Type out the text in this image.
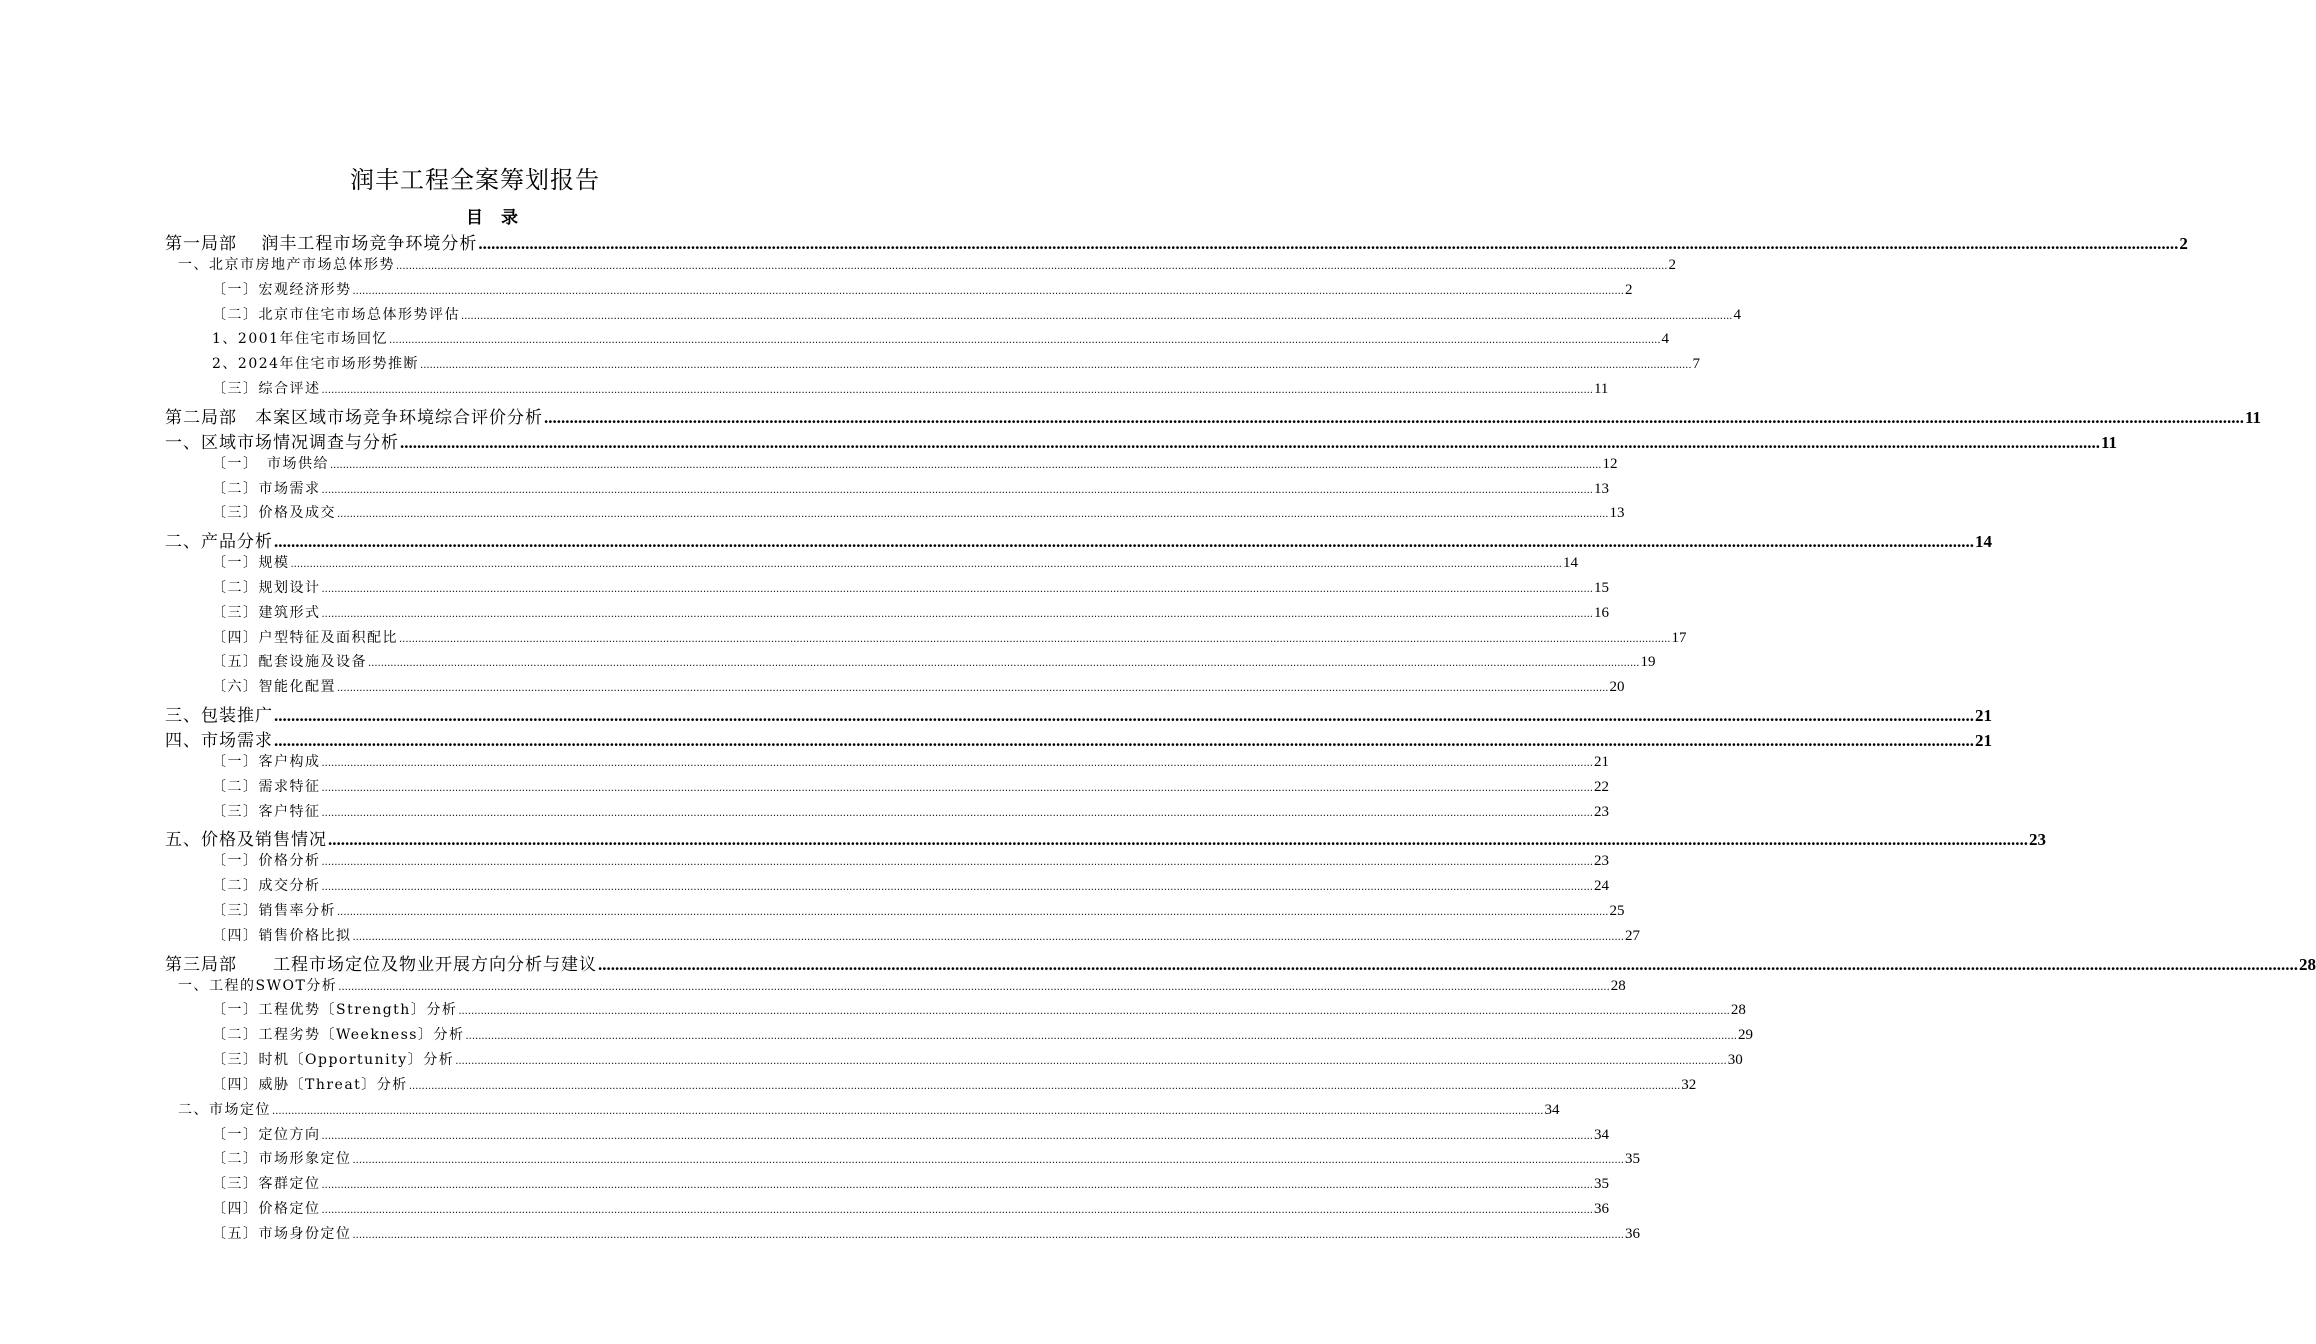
润丰工程全案筹划报告
目 录
第一局部　 润丰工程市场竞争环境分析 ................................................................................................................................................................................................................................................................................................................................................................................................................ 2
一、北京市房地产市场总体形势 ................................................................................................................................................................................................................................................................................................................................................................................................................ 2
〔一〕宏观经济形势 ................................................................................................................................................................................................................................................................................................................................................................................................................ 2
〔二〕北京市住宅市场总体形势评估 ................................................................................................................................................................................................................................................................................................................................................................................................................ 4
1、2001年住宅市场回忆 ................................................................................................................................................................................................................................................................................................................................................................................................................ 4
2、2024年住宅市场形势推断 ................................................................................................................................................................................................................................................................................................................................................................................................................ 7
〔三〕综合评述 ................................................................................................................................................................................................................................................................................................................................................................................................................ 11
第二局部　本案区域市场竞争环境综合评价分析 ................................................................................................................................................................................................................................................................................................................................................................................................................ 11
一、区域市场情况调查与分析 ................................................................................................................................................................................................................................................................................................................................................................................................................ 11
〔一〕　市场供给 ................................................................................................................................................................................................................................................................................................................................................................................................................ 12
〔二〕市场需求 ................................................................................................................................................................................................................................................................................................................................................................................................................ 13
〔三〕价格及成交 ................................................................................................................................................................................................................................................................................................................................................................................................................ 13
二、产品分析 ................................................................................................................................................................................................................................................................................................................................................................................................................ 14
〔一〕规模 ................................................................................................................................................................................................................................................................................................................................................................................................................ 14
〔二〕规划设计 ................................................................................................................................................................................................................................................................................................................................................................................................................ 15
〔三〕建筑形式 ................................................................................................................................................................................................................................................................................................................................................................................................................ 16
〔四〕户型特征及面积配比 ................................................................................................................................................................................................................................................................................................................................................................................................................ 17
〔五〕配套设施及设备 ................................................................................................................................................................................................................................................................................................................................................................................................................ 19
〔六〕智能化配置 ................................................................................................................................................................................................................................................................................................................................................................................................................ 20
三、包装推广 ................................................................................................................................................................................................................................................................................................................................................................................................................ 21
四、市场需求 ................................................................................................................................................................................................................................................................................................................................................................................................................ 21
〔一〕客户构成 ................................................................................................................................................................................................................................................................................................................................................................................................................ 21
〔二〕需求特征 ................................................................................................................................................................................................................................................................................................................................................................................................................ 22
〔三〕客户特征 ................................................................................................................................................................................................................................................................................................................................................................................................................ 23
五、价格及销售情况 ................................................................................................................................................................................................................................................................................................................................................................................................................ 23
〔一〕价格分析 ................................................................................................................................................................................................................................................................................................................................................................................................................ 23
〔二〕成交分析 ................................................................................................................................................................................................................................................................................................................................................................................................................ 24
〔三〕销售率分析 ................................................................................................................................................................................................................................................................................................................................................................................................................ 25
〔四〕销售价格比拟 ................................................................................................................................................................................................................................................................................................................................................................................................................ 27
第三局部　　工程市场定位及物业开展方向分析与建议 ................................................................................................................................................................................................................................................................................................................................................................................................................ 28
一、工程的SWOT分析 ................................................................................................................................................................................................................................................................................................................................................................................................................ 28
〔一〕工程优势〔Strength〕分析 ................................................................................................................................................................................................................................................................................................................................................................................................................ 28
〔二〕工程劣势〔Weekness〕分析 ................................................................................................................................................................................................................................................................................................................................................................................................................ 29
〔三〕时机〔Opportunity〕分析 ................................................................................................................................................................................................................................................................................................................................................................................................................ 30
〔四〕威胁〔Threat〕分析 ................................................................................................................................................................................................................................................................................................................................................................................................................ 32
二、市场定位 ................................................................................................................................................................................................................................................................................................................................................................................................................ 34
〔一〕定位方向 ................................................................................................................................................................................................................................................................................................................................................................................................................ 34
〔二〕市场形象定位 ................................................................................................................................................................................................................................................................................................................................................................................................................ 35
〔三〕客群定位 ................................................................................................................................................................................................................................................................................................................................................................................................................ 35
〔四〕价格定位 ................................................................................................................................................................................................................................................................................................................................................................................................................ 36
〔五〕市场身份定位 ................................................................................................................................................................................................................................................................................................................................................................................................................ 36
